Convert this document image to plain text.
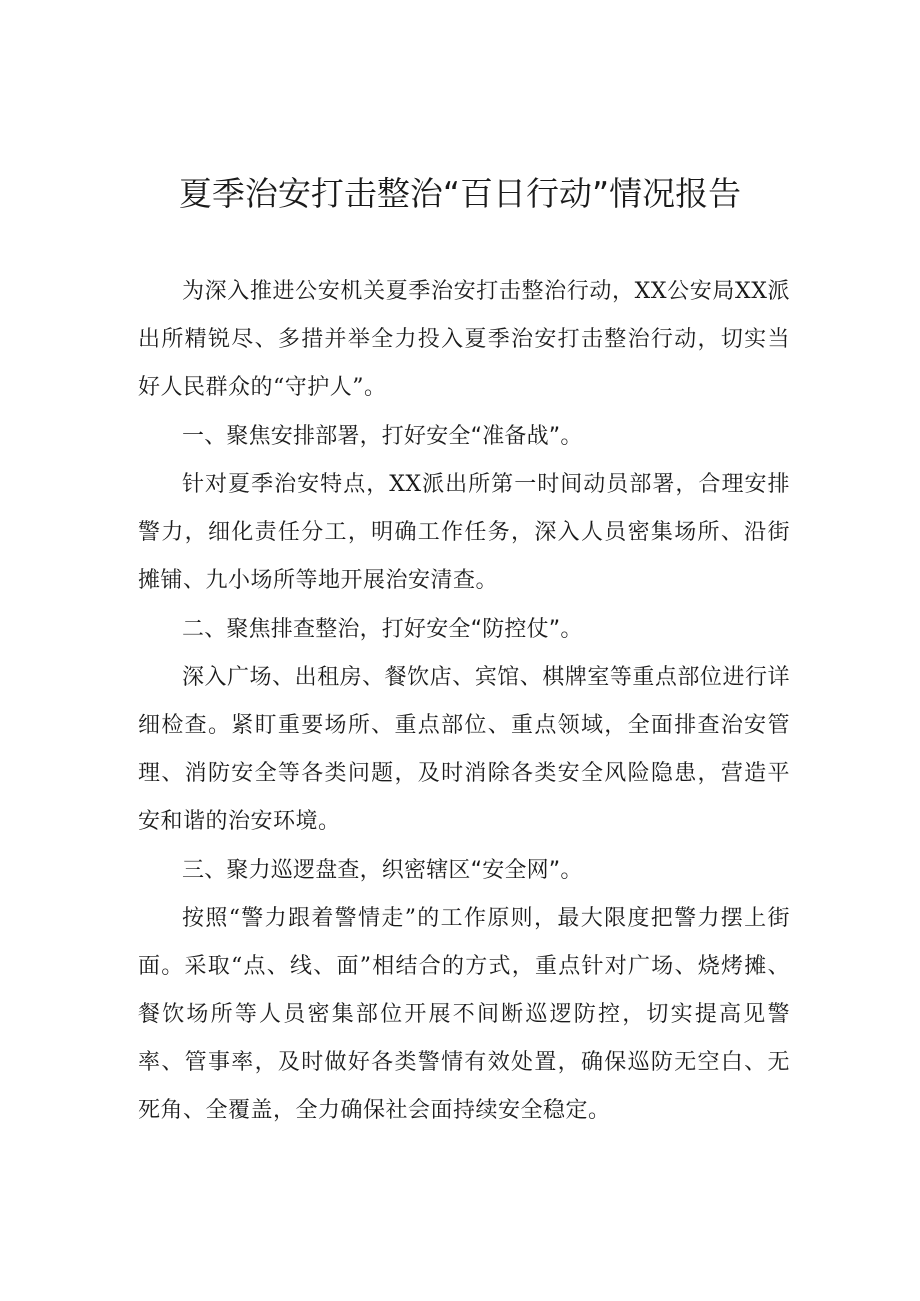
夏季治安打击整治“百日行动”情况报告

为深入推进公安机关夏季治安打击整治行动，XX公安局XX派出所精锐尽、多措并举全力投入夏季治安打击整治行动，切实当好人民群众的“守护人”。

一、聚焦安排部署，打好安全“准备战”。

针对夏季治安特点，XX派出所第一时间动员部署，合理安排警力，细化责任分工，明确工作任务，深入人员密集场所、沿街摊铺、九小场所等地开展治安清查。

二、聚焦排查整治，打好安全“防控仗”。

深入广场、出租房、餐饮店、宾馆、棋牌室等重点部位进行详细检查。紧盯重要场所、重点部位、重点领域，全面排查治安管理、消防安全等各类问题，及时消除各类安全风险隐患，营造平安和谐的治安环境。

三、聚力巡逻盘查，织密辖区“安全网”。

按照“警力跟着警情走”的工作原则，最大限度把警力摆上街面。采取“点、线、面”相结合的方式，重点针对广场、烧烤摊、餐饮场所等人员密集部位开展不间断巡逻防控，切实提高见警率、管事率，及时做好各类警情有效处置，确保巡防无空白、无死角、全覆盖，全力确保社会面持续安全稳定。
